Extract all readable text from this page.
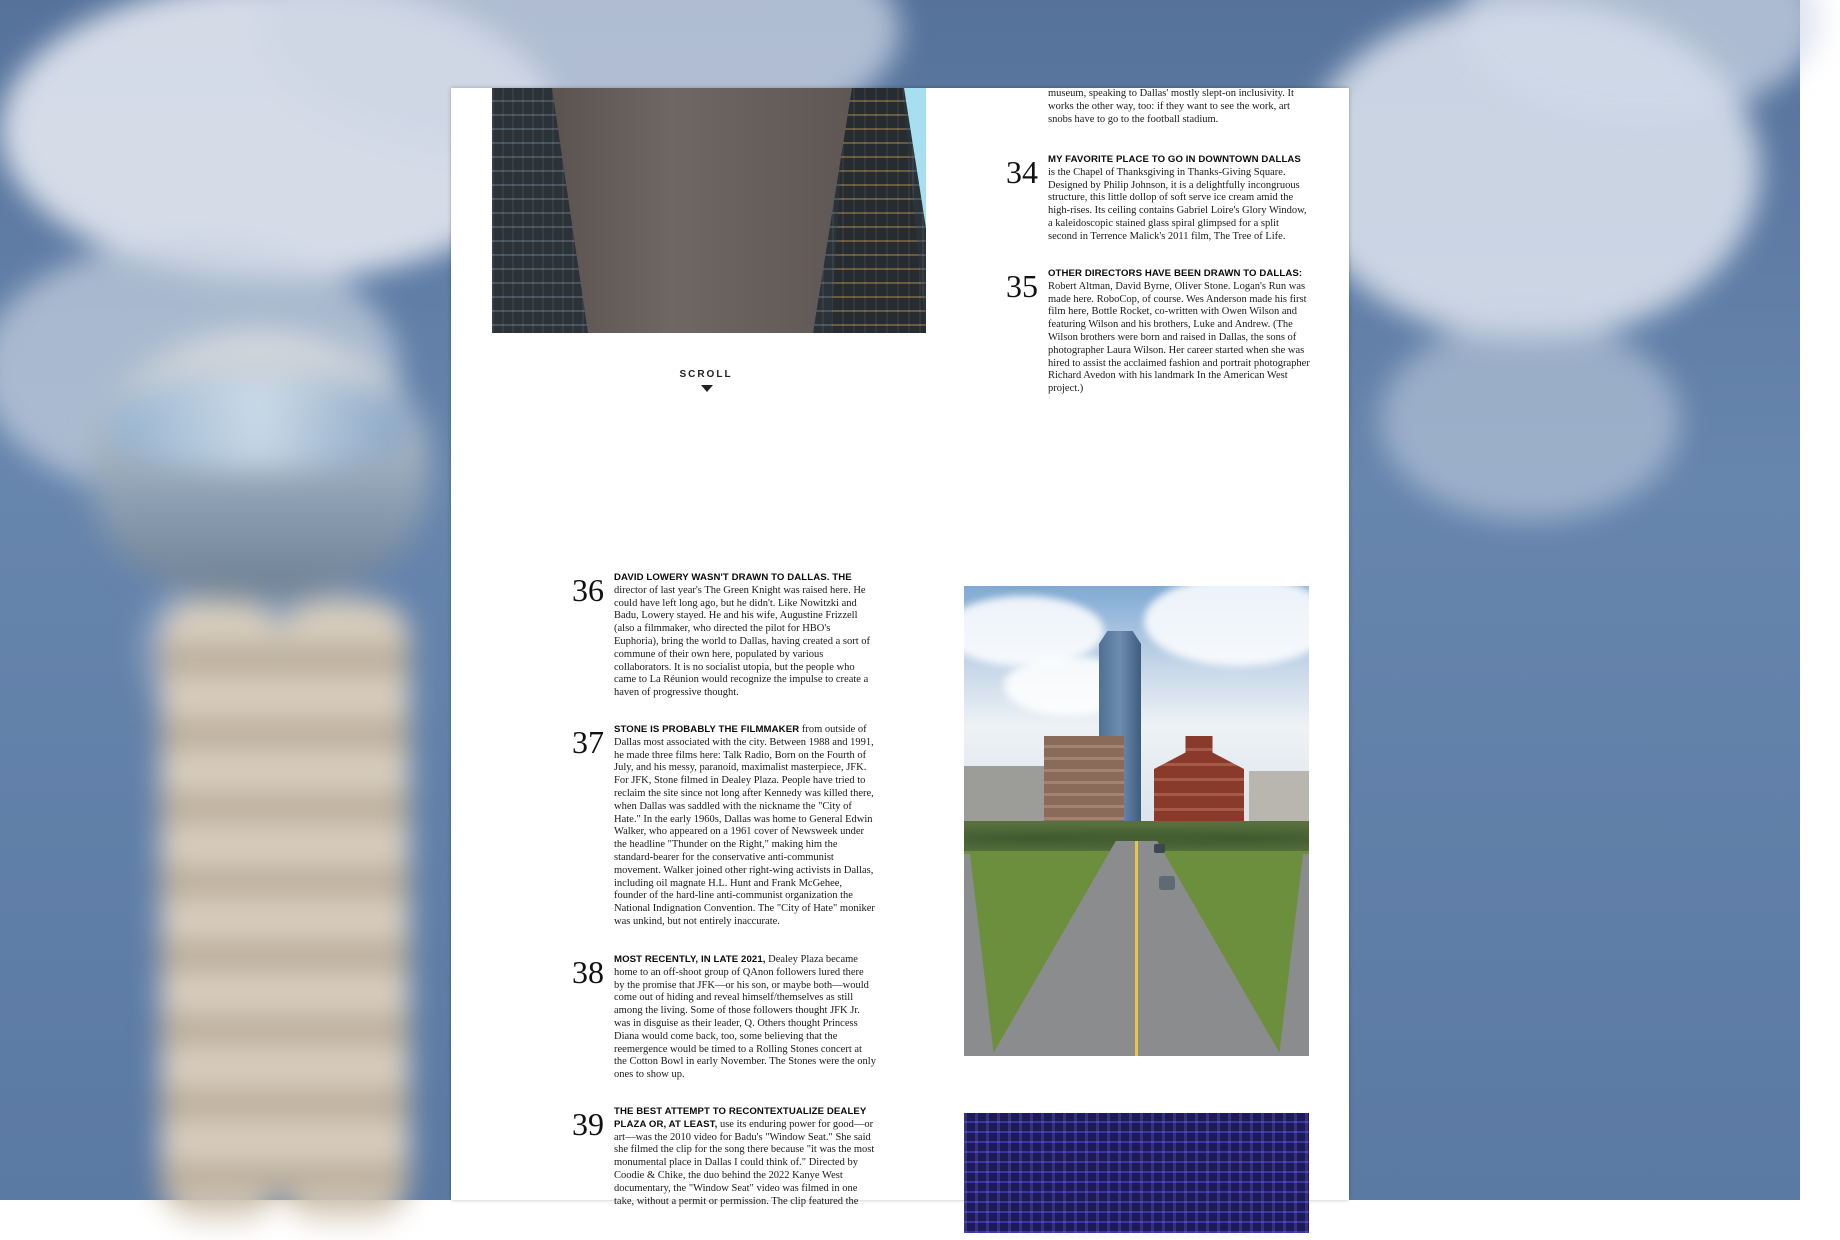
SCROLL
museum, speaking to Dallas' mostly slept-on inclusivity. It works the other way, too: if they want to see the work, art snobs have to go to the football stadium.
34 MY FAVORITE PLACE TO GO IN DOWNTOWN DALLAS is the Chapel of Thanksgiving in Thanks-Giving Square. Designed by Philip Johnson, it is a delightfully incongruous structure, this little dollop of soft serve ice cream amid the high-rises. Its ceiling contains Gabriel Loire's Glory Window, a kaleidoscopic stained glass spiral glimpsed for a split second in Terrence Malick's 2011 film, The Tree of Life.
35 OTHER DIRECTORS HAVE BEEN DRAWN TO DALLAS: Robert Altman, David Byrne, Oliver Stone. Logan's Run was made here. RoboCop, of course. Wes Anderson made his first film here, Bottle Rocket, co-written with Owen Wilson and featuring Wilson and his brothers, Luke and Andrew. (The Wilson brothers were born and raised in Dallas, the sons of photographer Laura Wilson. Her career started when she was hired to assist the acclaimed fashion and portrait photographer Richard Avedon with his landmark In the American West project.)
36 DAVID LOWERY WASN'T DRAWN TO DALLAS. THE director of last year's The Green Knight was raised here. He could have left long ago, but he didn't. Like Nowitzki and Badu, Lowery stayed. He and his wife, Augustine Frizzell (also a filmmaker, who directed the pilot for HBO's Euphoria), bring the world to Dallas, having created a sort of commune of their own here, populated by various collaborators. It is no socialist utopia, but the people who came to La Réunion would recognize the impulse to create a haven of progressive thought.
37 STONE IS PROBABLY THE FILMMAKER from outside of Dallas most associated with the city. Between 1988 and 1991, he made three films here: Talk Radio, Born on the Fourth of July, and his messy, paranoid, maximalist masterpiece, JFK. For JFK, Stone filmed in Dealey Plaza. People have tried to reclaim the site since not long after Kennedy was killed there, when Dallas was saddled with the nickname the "City of Hate." In the early 1960s, Dallas was home to General Edwin Walker, who appeared on a 1961 cover of Newsweek under the headline "Thunder on the Right," making him the standard-bearer for the conservative anti-communist movement. Walker joined other right-wing activists in Dallas, including oil magnate H.L. Hunt and Frank McGehee, founder of the hard-line anti-communist organization the National Indignation Convention. The "City of Hate" moniker was unkind, but not entirely inaccurate.
38 MOST RECENTLY, IN LATE 2021, Dealey Plaza became home to an off-shoot group of QAnon followers lured there by the promise that JFK—or his son, or maybe both—would come out of hiding and reveal himself/themselves as still among the living. Some of those followers thought JFK Jr. was in disguise as their leader, Q. Others thought Princess Diana would come back, too, some believing that the reemergence would be timed to a Rolling Stones concert at the Cotton Bowl in early November. The Stones were the only ones to show up.
39 THE BEST ATTEMPT TO RECONTEXTUALIZE DEALEY PLAZA OR, AT LEAST, use its enduring power for good—or art—was the 2010 video for Badu's "Window Seat." She said she filmed the clip for the song there because "it was the most monumental place in Dallas I could think of." Directed by Coodie & Chike, the duo behind the 2022 Kanye West documentary, the "Window Seat" video was filmed in one take, without a permit or permission. The clip featured the
